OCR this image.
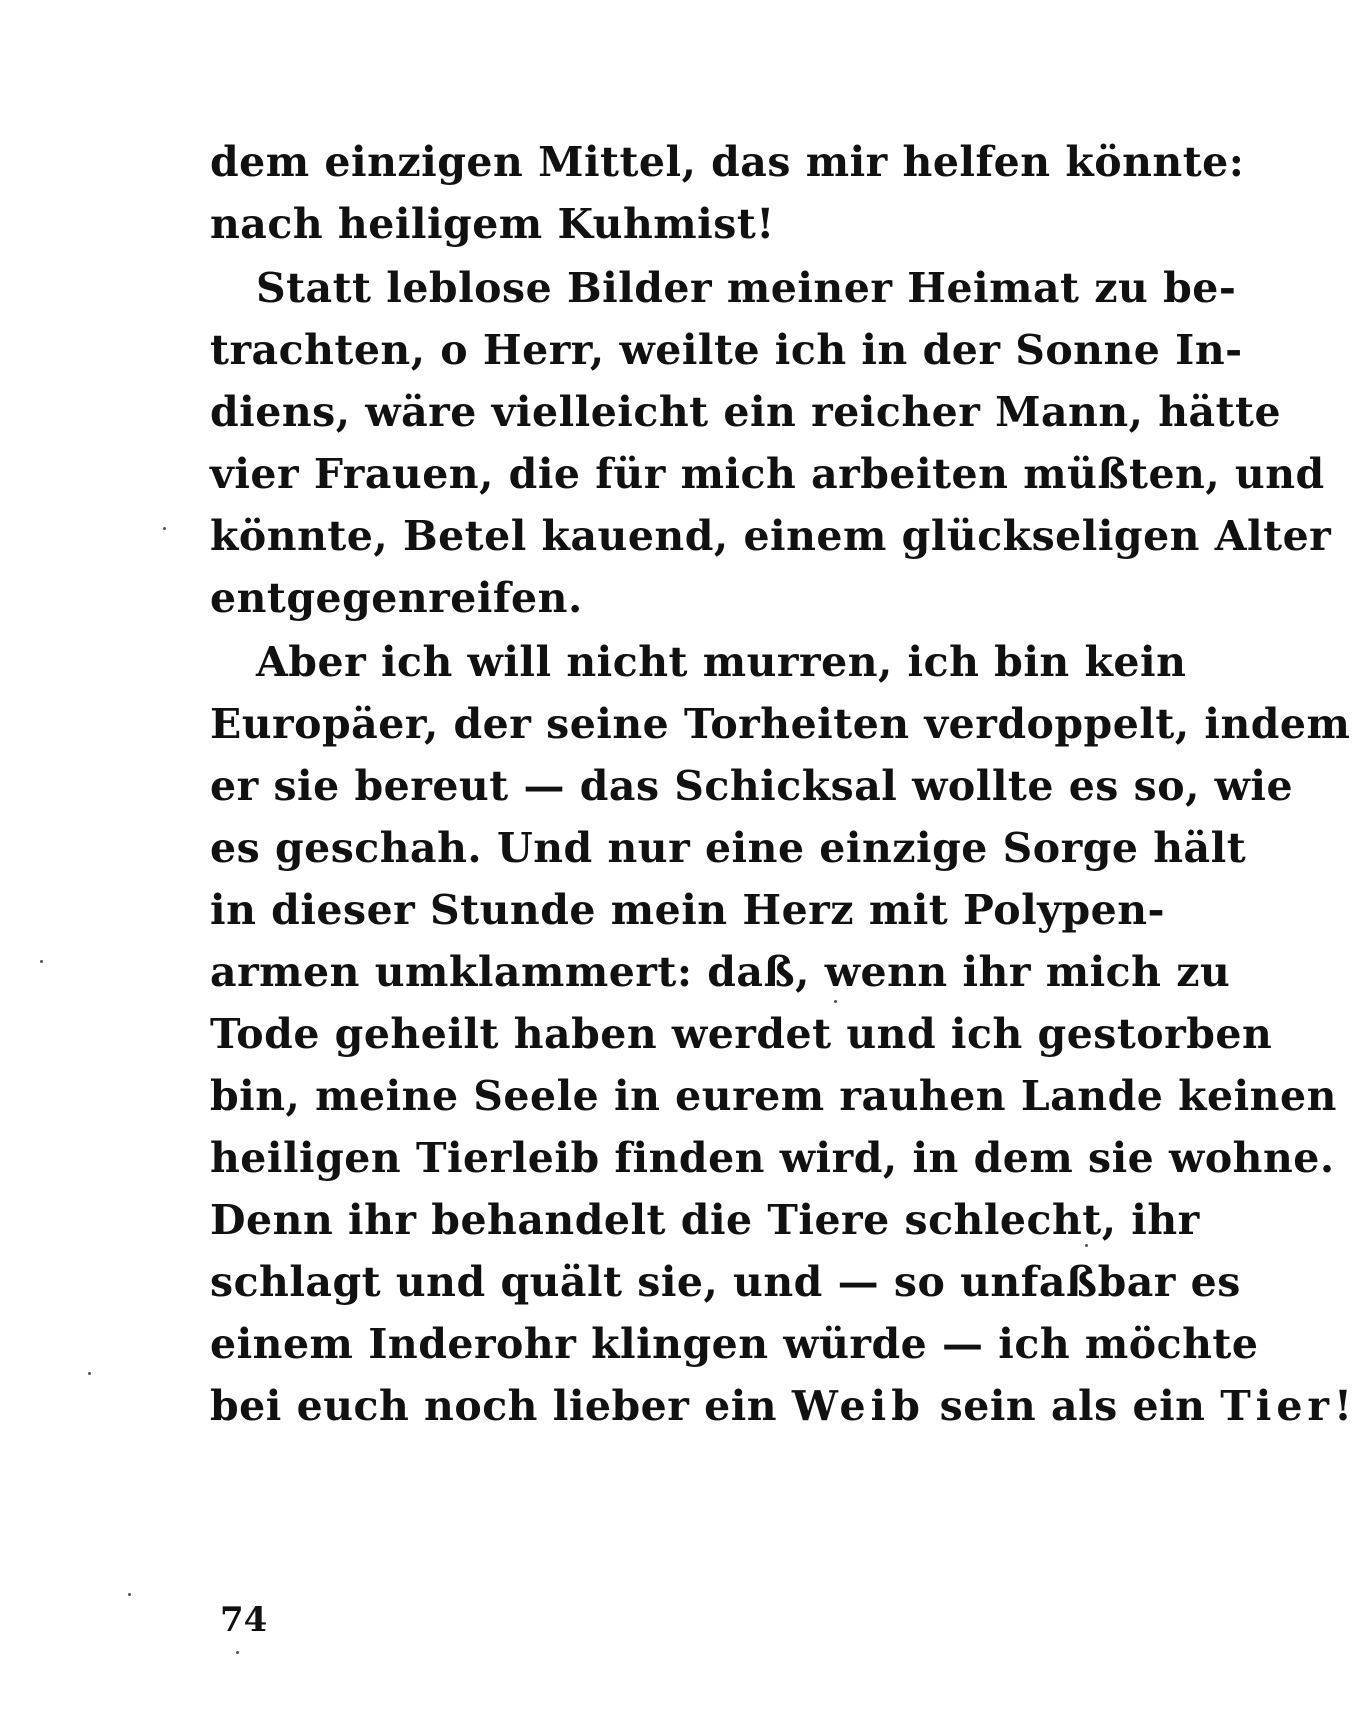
dem einzigen Mittel, das mir helfen könnte:
nach heiligem Kuhmist!
Statt leblose Bilder meiner Heimat zu be-
trachten, o Herr, weilte ich in der Sonne In-
diens, wäre vielleicht ein reicher Mann, hätte
vier Frauen, die für mich arbeiten müßten, und
könnte, Betel kauend, einem glückseligen Alter
entgegenreifen.
Aber ich will nicht murren, ich bin kein
Europäer, der seine Torheiten verdoppelt, indem
er sie bereut — das Schicksal wollte es so, wie
es geschah. Und nur eine einzige Sorge hält
in dieser Stunde mein Herz mit Polypen-
armen umklammert: daß, wenn ihr mich zu
Tode geheilt haben werdet und ich gestorben
bin, meine Seele in eurem rauhen Lande keinen
heiligen Tierleib finden wird, in dem sie wohne.
Denn ihr behandelt die Tiere schlecht, ihr
schlagt und quält sie, und — so unfaßbar es
einem Inderohr klingen würde — ich möchte
bei euch noch lieber ein Weib sein als ein Tier!
74
